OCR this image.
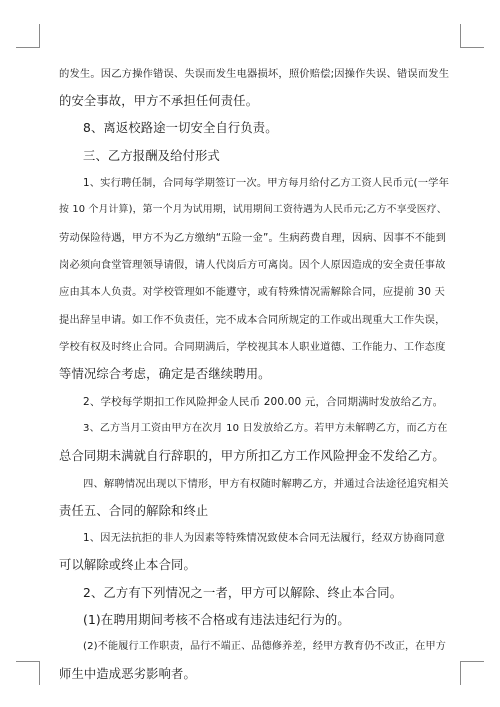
的发生。因乙方操作错误、失误而发生电器损坏，照价赔偿;因操作失误、错误而发生
的安全事故，甲方不承担任何责任。
8、离返校路途一切安全自行负责。
三、乙方报酬及给付形式
1、实行聘任制，合同每学期签订一次。甲方每月给付乙方工资人民币元(一学年
按 10 个月计算)，第一个月为试用期，试用期间工资待遇为人民币元;乙方不享受医疗、
劳动保险待遇，甲方不为乙方缴纳“五险一金”。生病药费自理，因病、因事不不能到
岗必须向食堂管理领导请假，请人代岗后方可离岗。因个人原因造成的安全责任事故
应由其本人负责。对学校管理如不能遵守，或有特殊情况需解除合同，应提前 30 天
提出辞呈申请。如工作不负责任，完不成本合同所规定的工作或出现重大工作失误，
学校有权及时终止合同。合同期满后，学校视其本人职业道德、工作能力、工作态度
等情况综合考虑，确定是否继续聘用。
2、学校每学期扣工作风险押金人民币 200.00 元，合同期满时发放给乙方。
3、乙方当月工资由甲方在次月 10 日发放给乙方。若甲方未解聘乙方，而乙方在
总合同期未满就自行辞职的，甲方所扣乙方工作风险押金不发给乙方。
四、解聘情况出现以下情形，甲方有权随时解聘乙方，并通过合法途径追究相关
责任五、合同的解除和终止
1、因无法抗拒的非人为因素等特殊情况致使本合同无法履行，经双方协商同意
可以解除或终止本合同。
2、乙方有下列情况之一者，甲方可以解除、终止本合同。
(1)在聘用期间考核不合格或有违法违纪行为的。
(2)不能履行工作职责，品行不端正、品德修养差，经甲方教育仍不改正，在甲方
师生中造成恶劣影响者。
